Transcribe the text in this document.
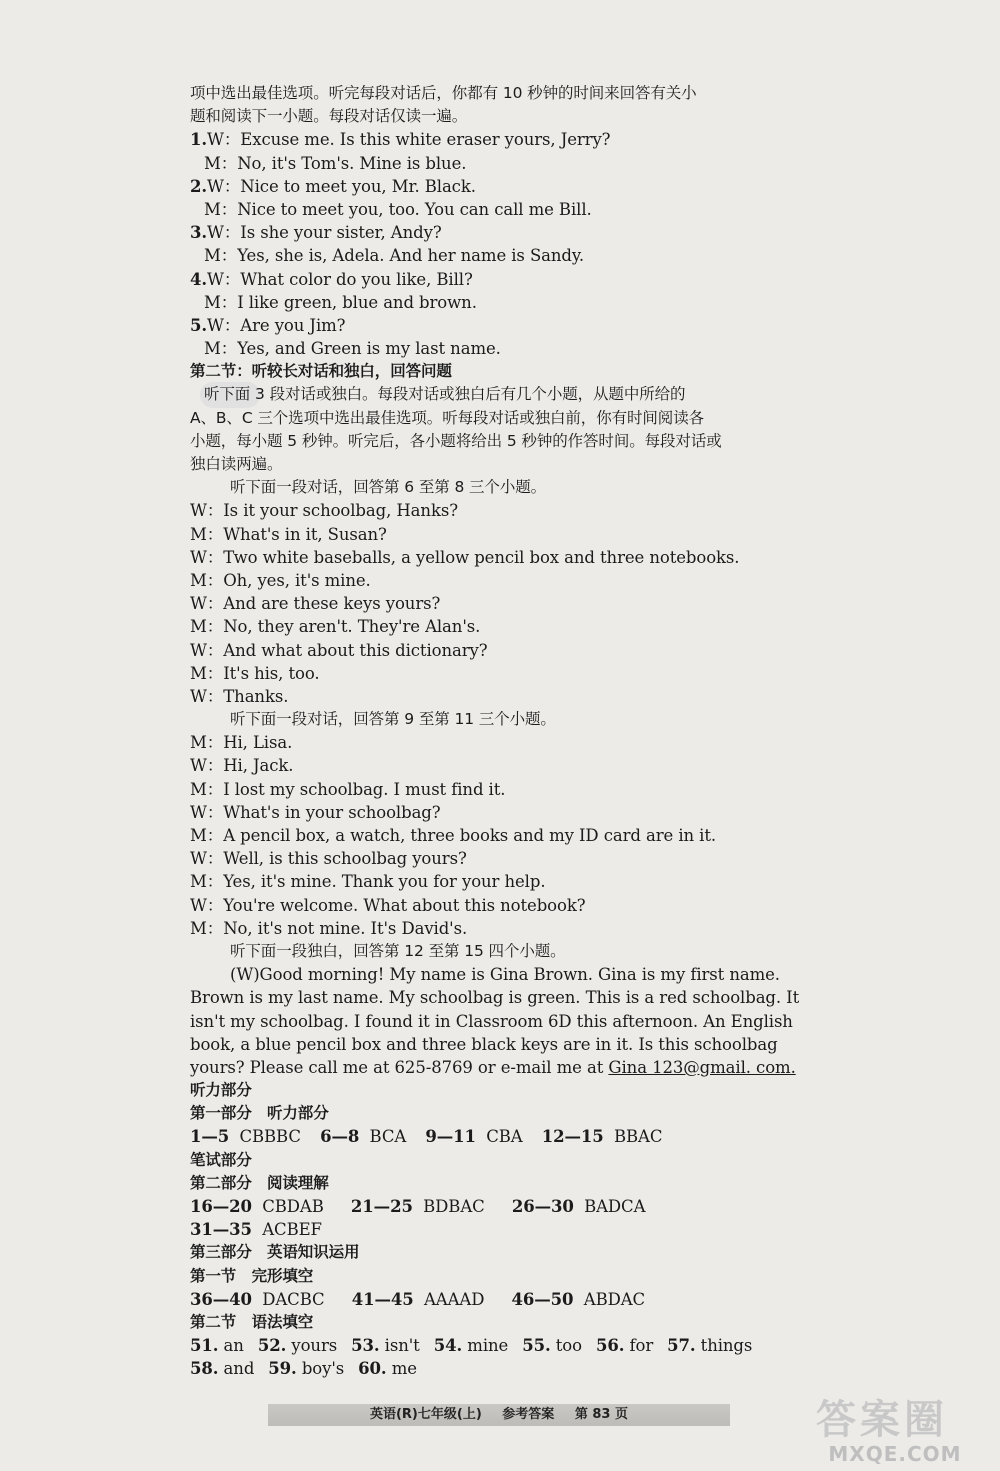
项中选出最佳选项。听完每段对话后，你都有 10 秒钟的时间来回答有关小
题和阅读下一小题。每段对话仅读一遍。
1.W：Excuse me. Is this white eraser yours, Jerry?
M：No, it's Tom's. Mine is blue.
2.W：Nice to meet you, Mr. Black.
M：Nice to meet you, too. You can call me Bill.
3.W：Is she your sister, Andy?
M：Yes, she is, Adela. And her name is Sandy.
4.W：What color do you like, Bill?
M：I like green, blue and brown.
5.W：Are you Jim?
M：Yes, and Green is my last name.
第二节：听较长对话和独白，回答问题
听下面 3 段对话或独白。每段对话或独白后有几个小题，从题中所给的
A、B、C 三个选项中选出最佳选项。听每段对话或独白前，你有时间阅读各
小题，每小题 5 秒钟。听完后，各小题将给出 5 秒钟的作答时间。每段对话或
独白读两遍。
听下面一段对话，回答第 6 至第 8 三个小题。
W：Is it your schoolbag, Hanks?
M：What's in it, Susan?
W：Two white baseballs, a yellow pencil box and three notebooks.
M：Oh, yes, it's mine.
W：And are these keys yours?
M：No, they aren't. They're Alan's.
W：And what about this dictionary?
M：It's his, too.
W：Thanks.
听下面一段对话，回答第 9 至第 11 三个小题。
M：Hi, Lisa.
W：Hi, Jack.
M：I lost my schoolbag. I must find it.
W：What's in your schoolbag?
M：A pencil box, a watch, three books and my ID card are in it.
W：Well, is this schoolbag yours?
M：Yes, it's mine. Thank you for your help.
W：You're welcome. What about this notebook?
M：No, it's not mine. It's David's.
听下面一段独白，回答第 12 至第 15 四个小题。
(W)Good morning! My name is Gina Brown. Gina is my first name.
Brown is my last name. My schoolbag is green. This is a red schoolbag. It
isn't my schoolbag. I found it in Classroom 6D this afternoon. An English
book, a blue pencil box and three black keys are in it. Is this schoolbag
yours? Please call me at 625-8769 or e-mail me at Gina 123@gmail. com.
听力部分
第一部分　听力部分
1—5 CBBBC 6—8 BCA 9—11 CBA 12—15 BBAC
笔试部分
第二部分　阅读理解
16—20 CBDAB 21—25 BDBAC 26—30 BADCA
31—35 ACBEF
第三部分　英语知识运用
第一节　完形填空
36—40 DACBC 41—45 AAAAD 46—50 ABDAC
第二节　语法填空
51. an 52. yours 53. isn't 54. mine 55. too 56. for 57. things
58. and 59. boy's 60. me
英语(R)七年级(上) 参考答案 第 83 页	答案圈
MXQE.COM
